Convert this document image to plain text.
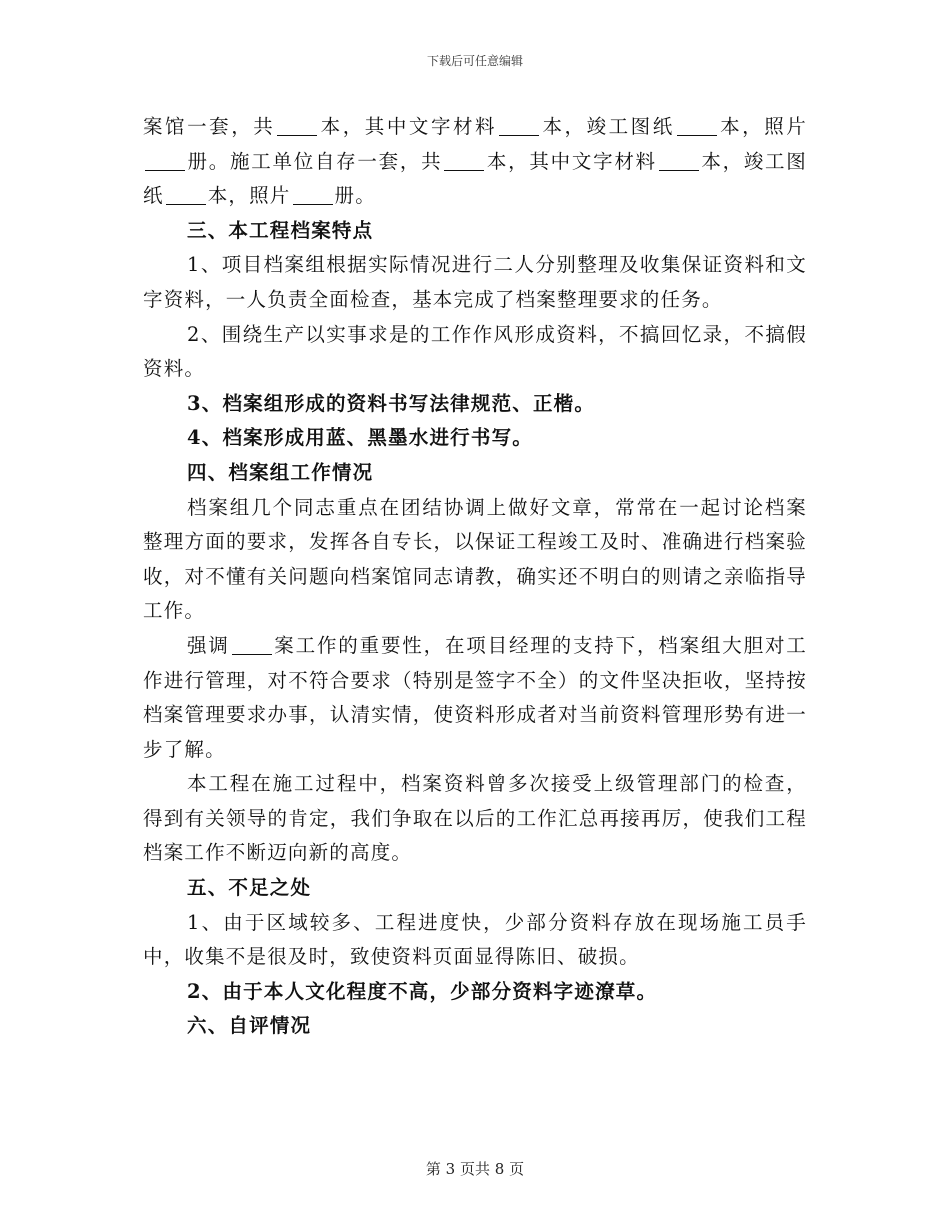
下载后可任意编辑

案馆一套，共 本，其中文字材料 本，竣工图纸 本，照片册。施工单位自存一套，共 本，其中文字材料 本，竣工图纸 本，照片 册。

三、本工程档案特点

1、项目档案组根据实际情况进行二人分别整理及收集保证资料和文字资料，一人负责全面检查，基本完成了档案整理要求的任务。

2、围绕生产以实事求是的工作作风形成资料，不搞回忆录，不搞假资料。

3、档案组形成的资料书写法律规范、正楷。

4、档案形成用蓝、黑墨水进行书写。

四、档案组工作情况

档案组几个同志重点在团结协调上做好文章，常常在一起讨论档案整理方面的要求，发挥各自专长，以保证工程竣工及时、准确进行档案验收，对不懂有关问题向档案馆同志请教，确实还不明白的则请之亲临指导工作。

强调 案工作的重要性，在项目经理的支持下，档案组大胆对工作进行管理，对不符合要求（特别是签字不全）的文件坚决拒收，坚持按档案管理要求办事，认清实情，使资料形成者对当前资料管理形势有进一步了解。

本工程在施工过程中，档案资料曾多次接受上级管理部门的检查，得到有关领导的肯定，我们争取在以后的工作汇总再接再厉，使我们工程档案工作不断迈向新的高度。

五、不足之处

1、由于区域较多、工程进度快，少部分资料存放在现场施工员手中，收集不是很及时，致使资料页面显得陈旧、破损。

2、由于本人文化程度不高，少部分资料字迹潦草。

六、自评情况

第 3 页共 8 页
